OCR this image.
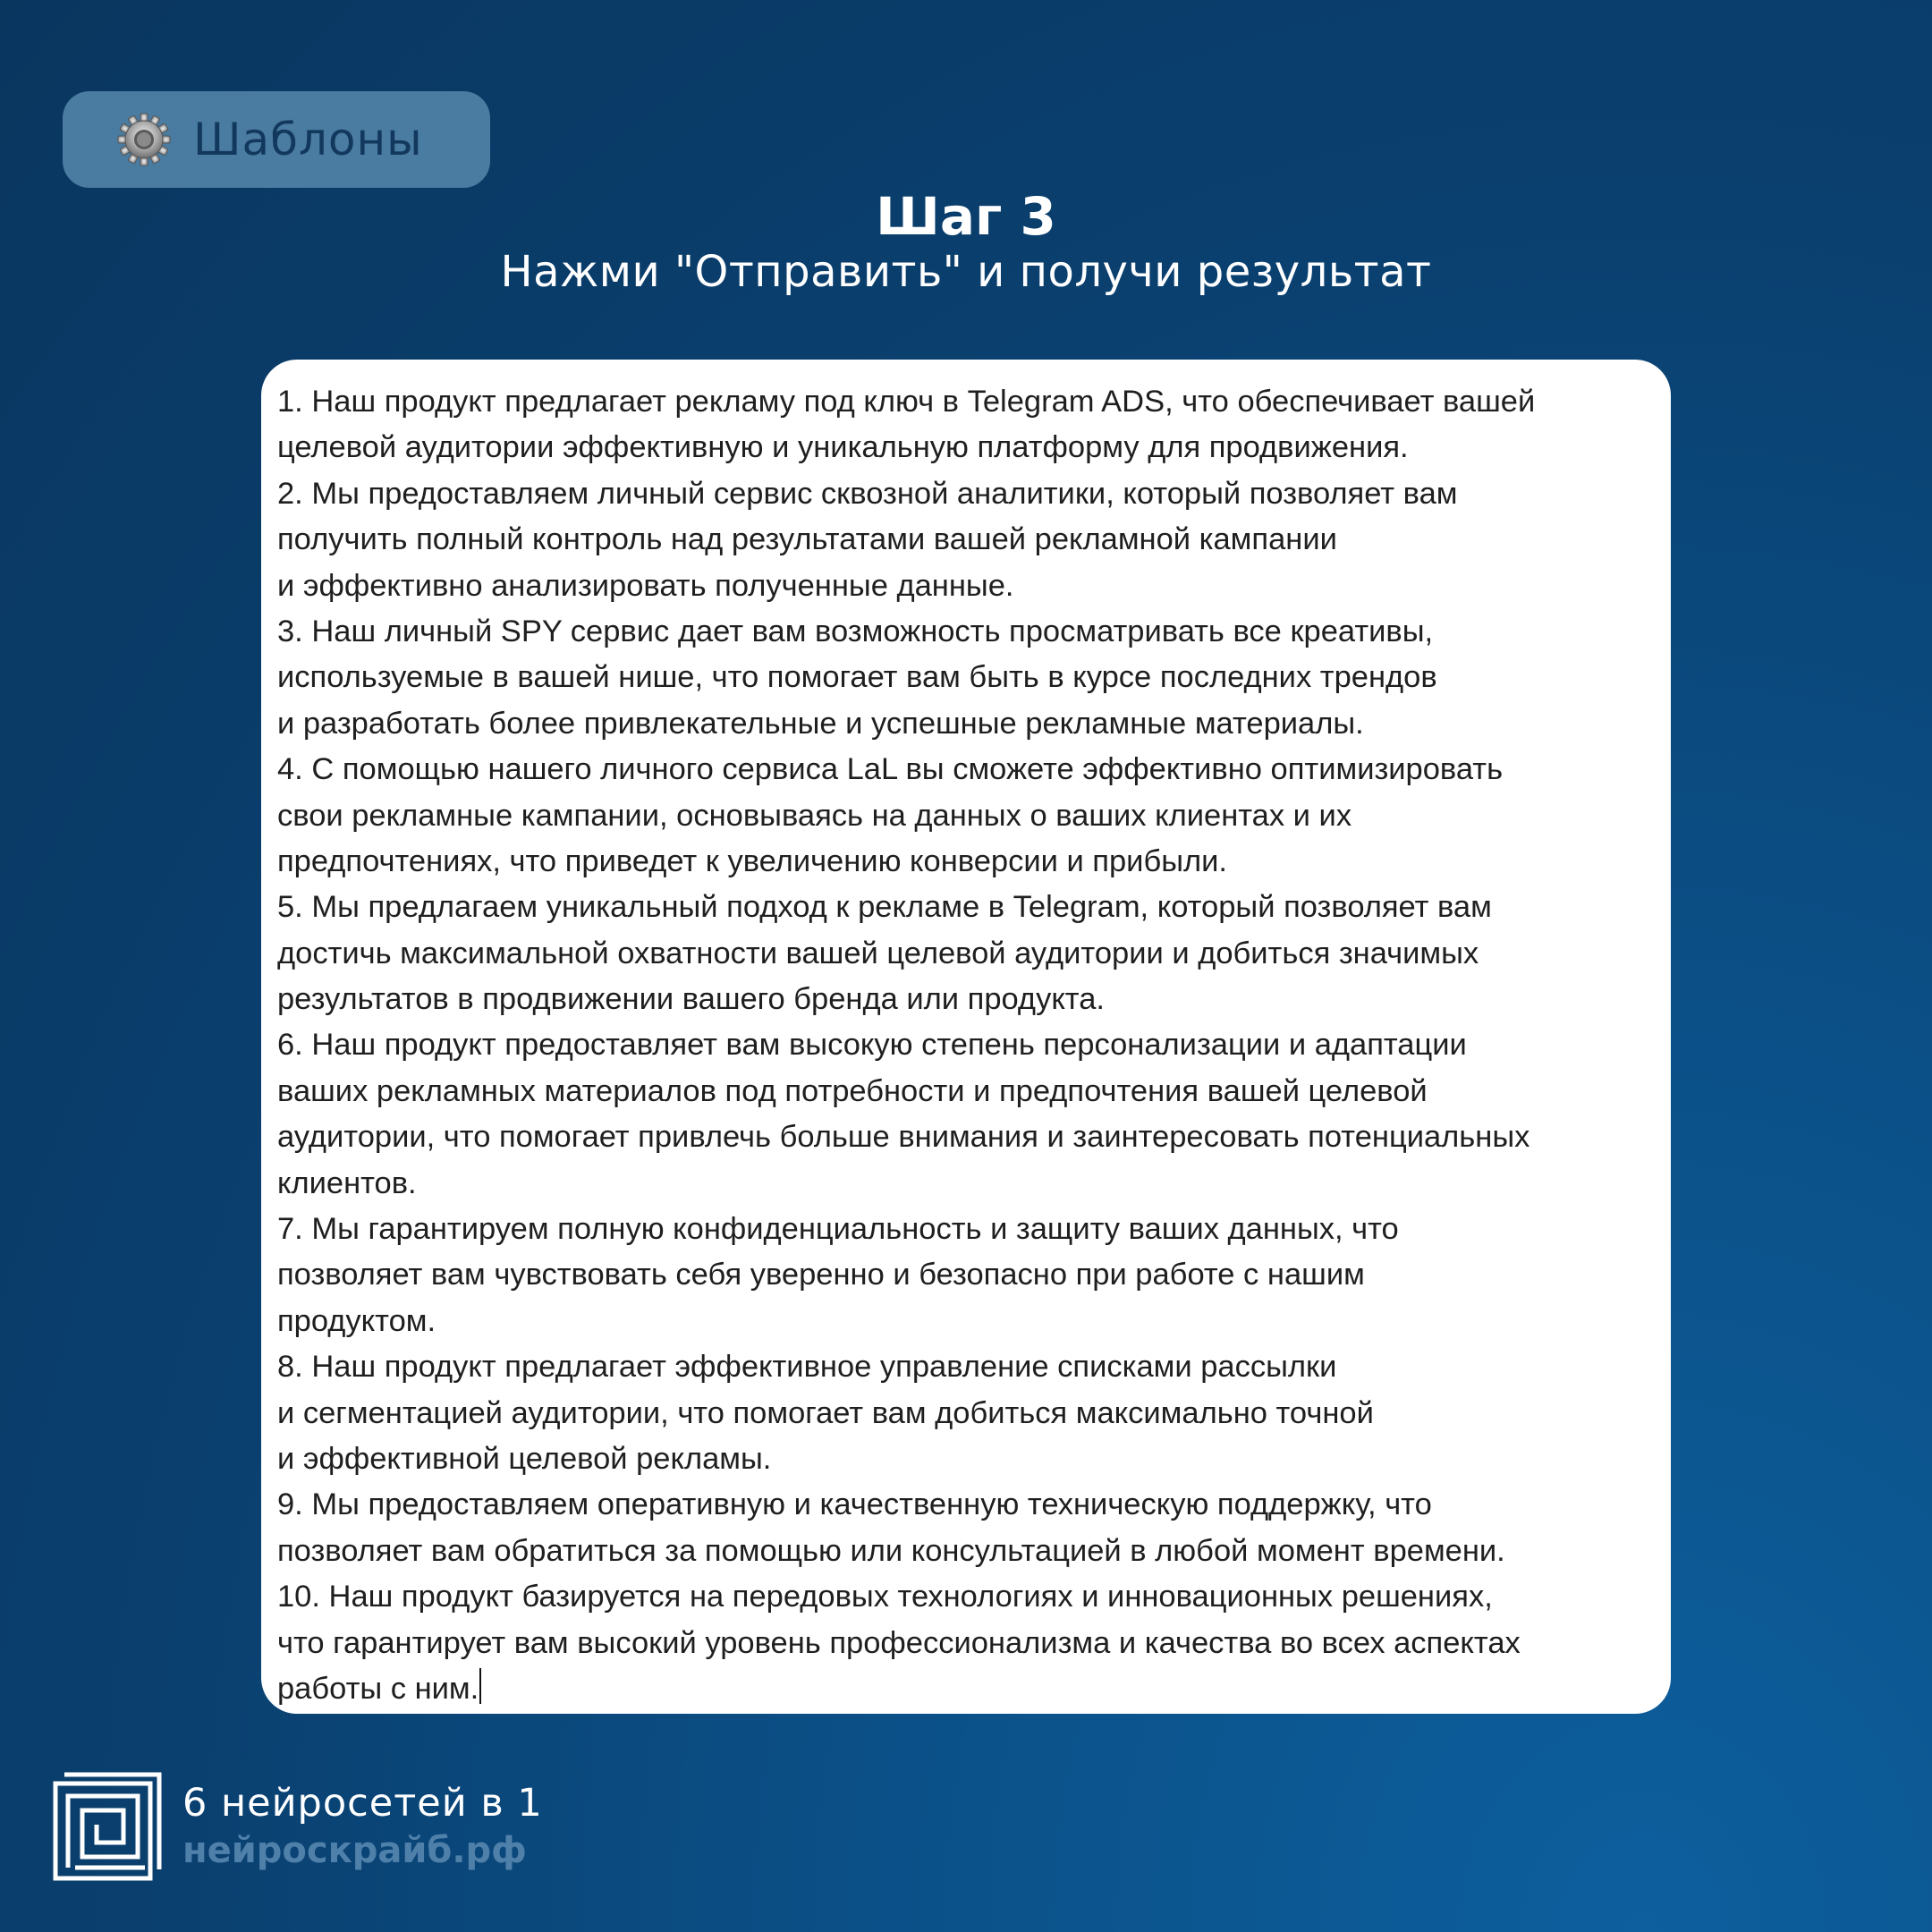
Шаблоны
Шаг 3
Нажми "Отправить" и получи результат
1. Наш продукт предлагает рекламу под ключ в Telegram ADS, что обеспечивает вашей
целевой аудитории эффективную и уникальную платформу для продвижения.
2. Мы предоставляем личный сервис сквозной аналитики, который позволяет вам
получить полный контроль над результатами вашей рекламной кампании
и эффективно анализировать полученные данные.
3. Наш личный SPY сервис дает вам возможность просматривать все креативы,
используемые в вашей нише, что помогает вам быть в курсе последних трендов
и разработать более привлекательные и успешные рекламные материалы.
4. С помощью нашего личного сервиса LaL вы сможете эффективно оптимизировать
свои рекламные кампании, основываясь на данных о ваших клиентах и их
предпочтениях, что приведет к увеличению конверсии и прибыли.
5. Мы предлагаем уникальный подход к рекламе в Telegram, который позволяет вам
достичь максимальной охватности вашей целевой аудитории и добиться значимых
результатов в продвижении вашего бренда или продукта.
6. Наш продукт предоставляет вам высокую степень персонализации и адаптации
ваших рекламных материалов под потребности и предпочтения вашей целевой
аудитории, что помогает привлечь больше внимания и заинтересовать потенциальных
клиентов.
7. Мы гарантируем полную конфиденциальность и защиту ваших данных, что
позволяет вам чувствовать себя уверенно и безопасно при работе с нашим
продуктом.
8. Наш продукт предлагает эффективное управление списками рассылки
и сегментацией аудитории, что помогает вам добиться максимально точной
и эффективной целевой рекламы.
9. Мы предоставляем оперативную и качественную техническую поддержку, что
позволяет вам обратиться за помощью или консультацией в любой момент времени.
10. Наш продукт базируется на передовых технологиях и инновационных решениях,
что гарантирует вам высокий уровень профессионализма и качества во всех аспектах
работы с ним.
6 нейросетей в 1
нейроскрайб.рф
